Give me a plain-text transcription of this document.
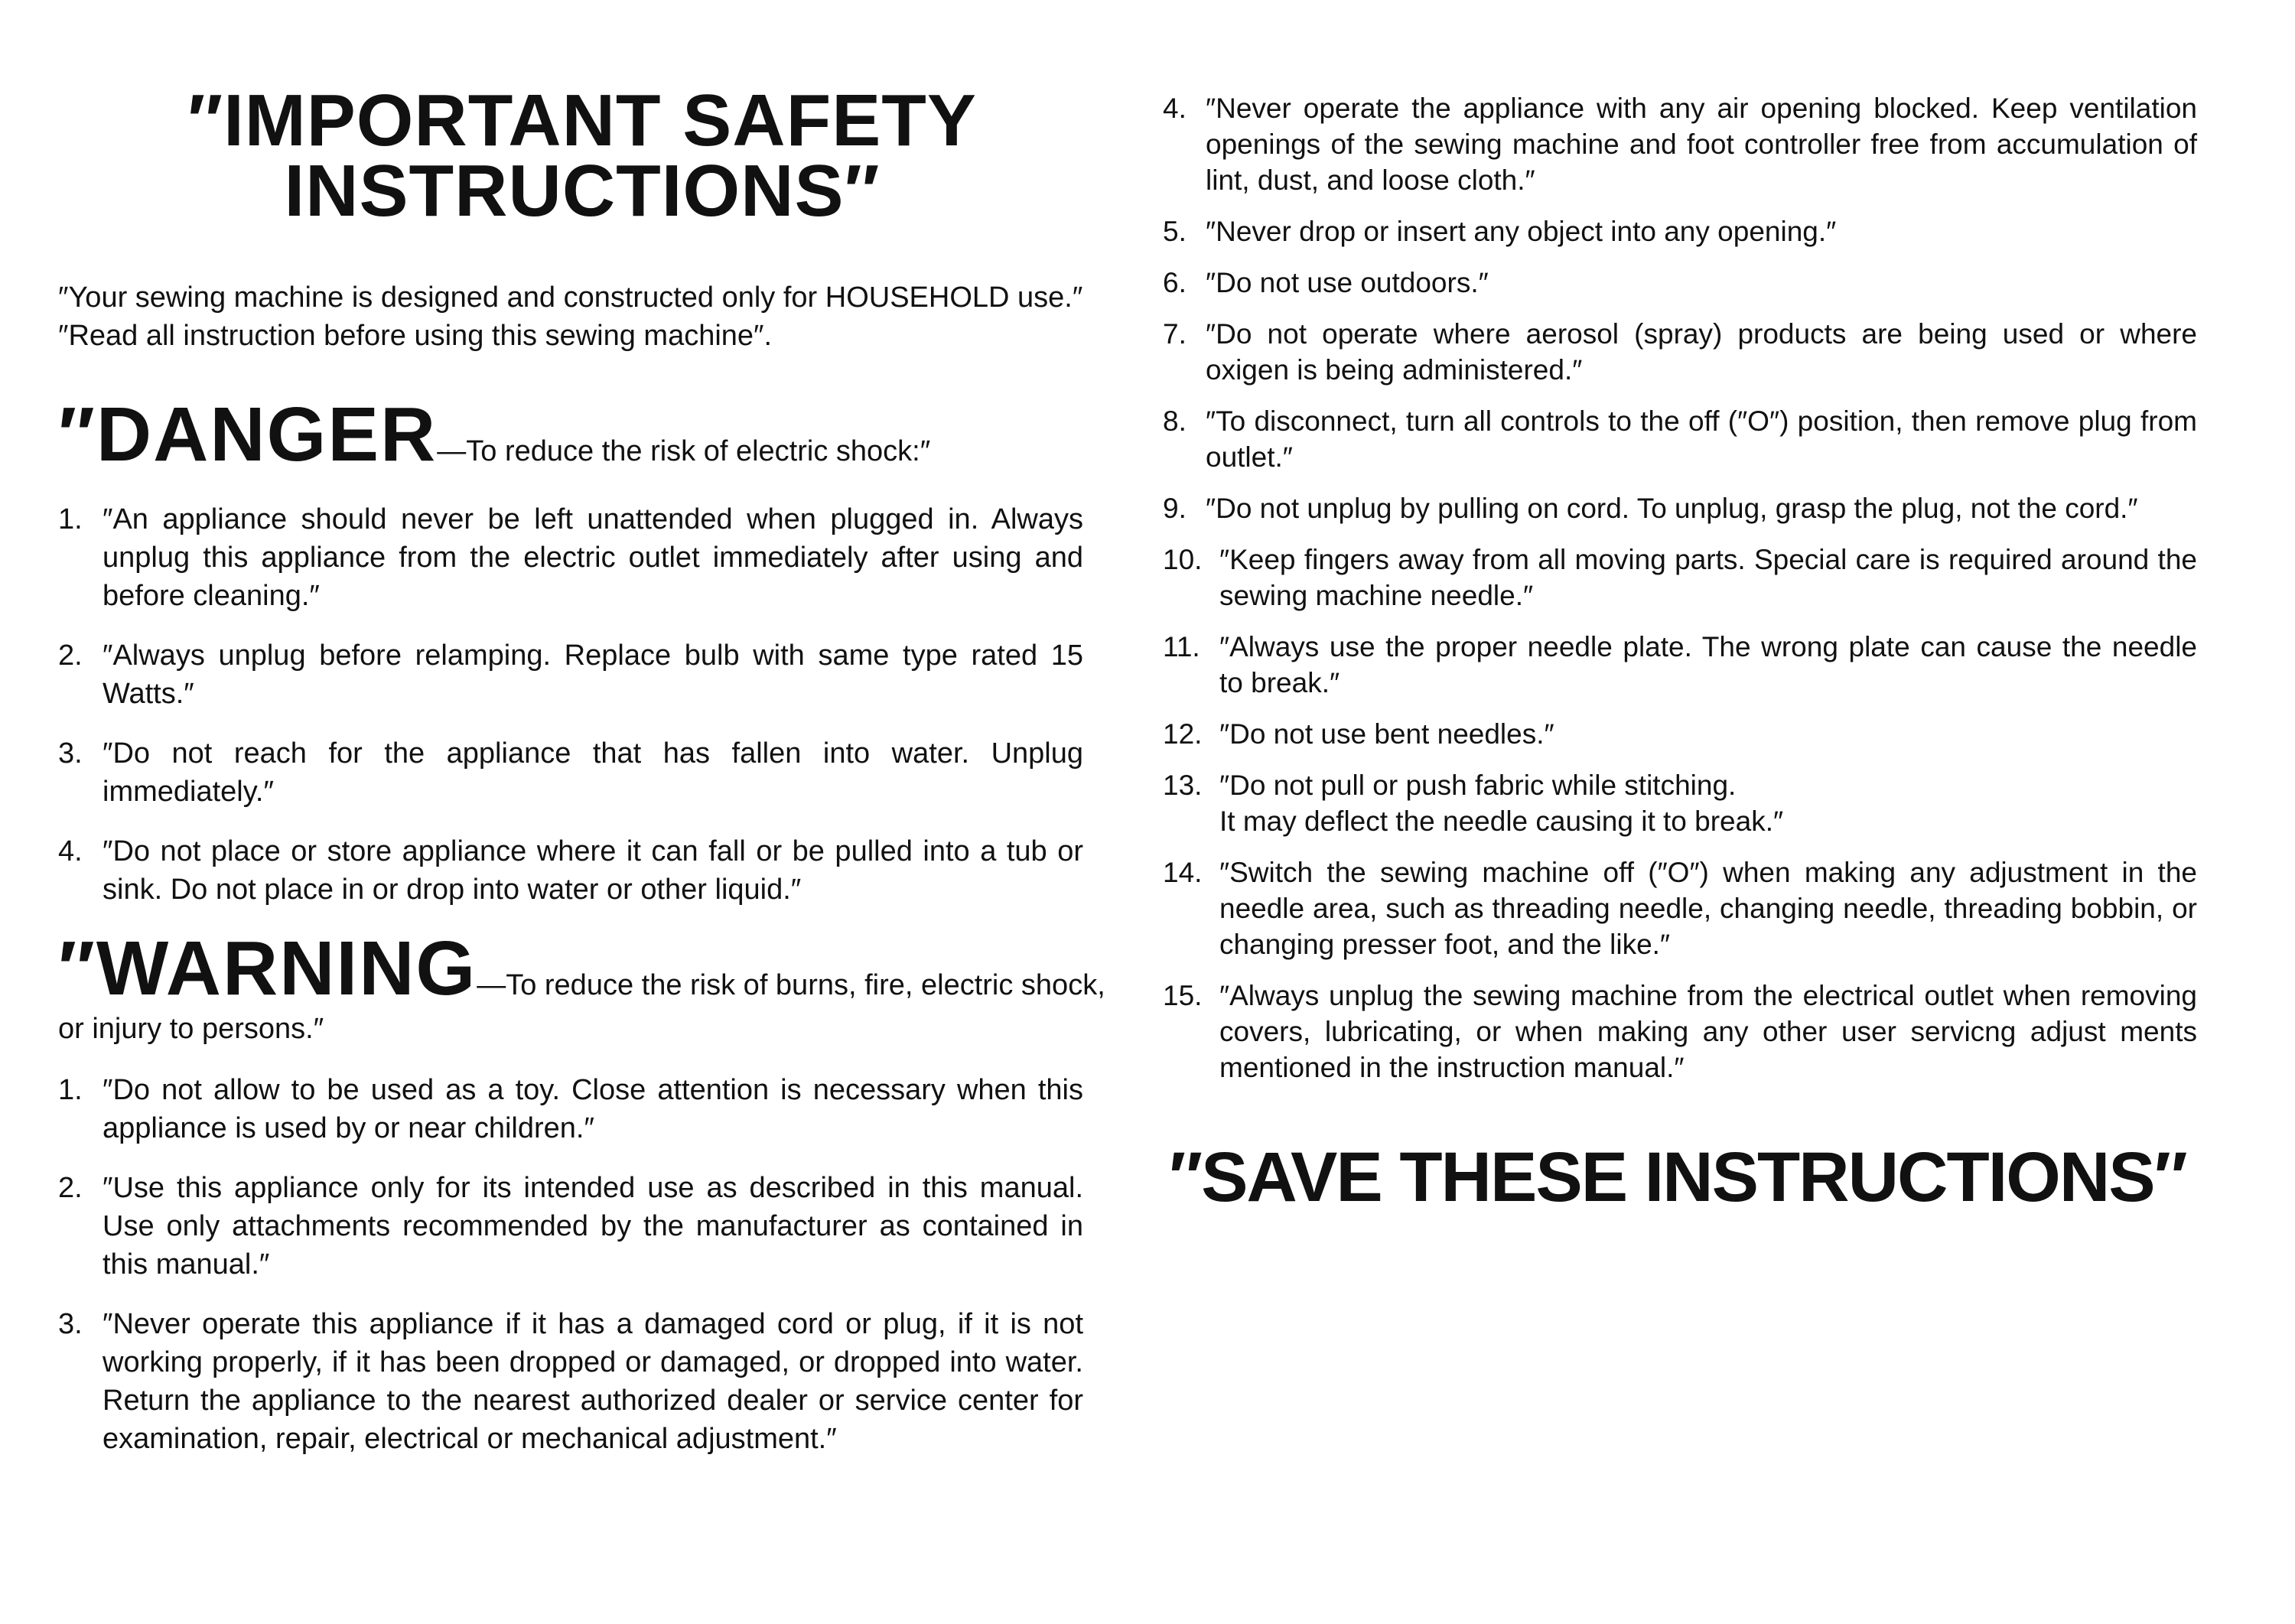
″IMPORTANT SAFETY
INSTRUCTIONS″

″Your sewing machine is designed and constructed only for HOUSEHOLD use.″

″Read all instruction before using this sewing machine″.

″DANGER—To reduce the risk of electric shock:″
1. ″An appliance should never be left unattended when plugged in. Always unplug this appliance from the electric outlet immediately after using and before cleaning.″
2. ″Always unplug before relamping. Replace bulb with same type rated 15 Watts.″
3. ″Do not reach for the appliance that has fallen into water. Unplug immediately.″
4. ″Do not place or store appliance where it can fall or be pulled into a tub or sink. Do not place in or drop into water or other liquid.″
″WARNING—To reduce the risk of burns, fire, electric shock,
or injury to persons.″
1. ″Do not allow to be used as a toy. Close attention is necessary when this appliance is used by or near children.″
2. ″Use this appliance only for its intended use as described in this manual. Use only attachments recommended by the manufacturer as contained in this manual.″
3. ″Never operate this appliance if it has a damaged cord or plug, if it is not working properly, if it has been dropped or damaged, or dropped into water. Return the appliance to the nearest authorized dealer or service center for examination, repair, electrical or mechanical adjustment.″
4. ″Never operate the appliance with any air opening blocked. Keep ventilation openings of the sewing machine and foot controller free from accumulation of lint, dust, and loose cloth.″
5. ″Never drop or insert any object into any opening.″
6. ″Do not use outdoors.″
7. ″Do not operate where aerosol (spray) products are being used or where oxigen is being administered.″
8. ″To disconnect, turn all controls to the off (″O″) position, then remove plug from outlet.″
9. ″Do not unplug by pulling on cord. To unplug, grasp the plug, not the cord.″
10. ″Keep fingers away from all moving parts. Special care is required around the sewing machine needle.″
11. ″Always use the proper needle plate. The wrong plate can cause the needle to break.″
12. ″Do not use bent needles.″
13. ″Do not pull or push fabric while stitching.
It may deflect the needle causing it to break.″
14. ″Switch the sewing machine off (″O″) when making any adjustment in the needle area, such as threading needle, changing needle, threading bobbin, or changing presser foot, and the like.″
15. ″Always unplug the sewing machine from the electrical outlet when removing covers, lubricating, or when making any other user servicng adjust ments mentioned in the instruction manual.″
″SAVE THESE INSTRUCTIONS″
